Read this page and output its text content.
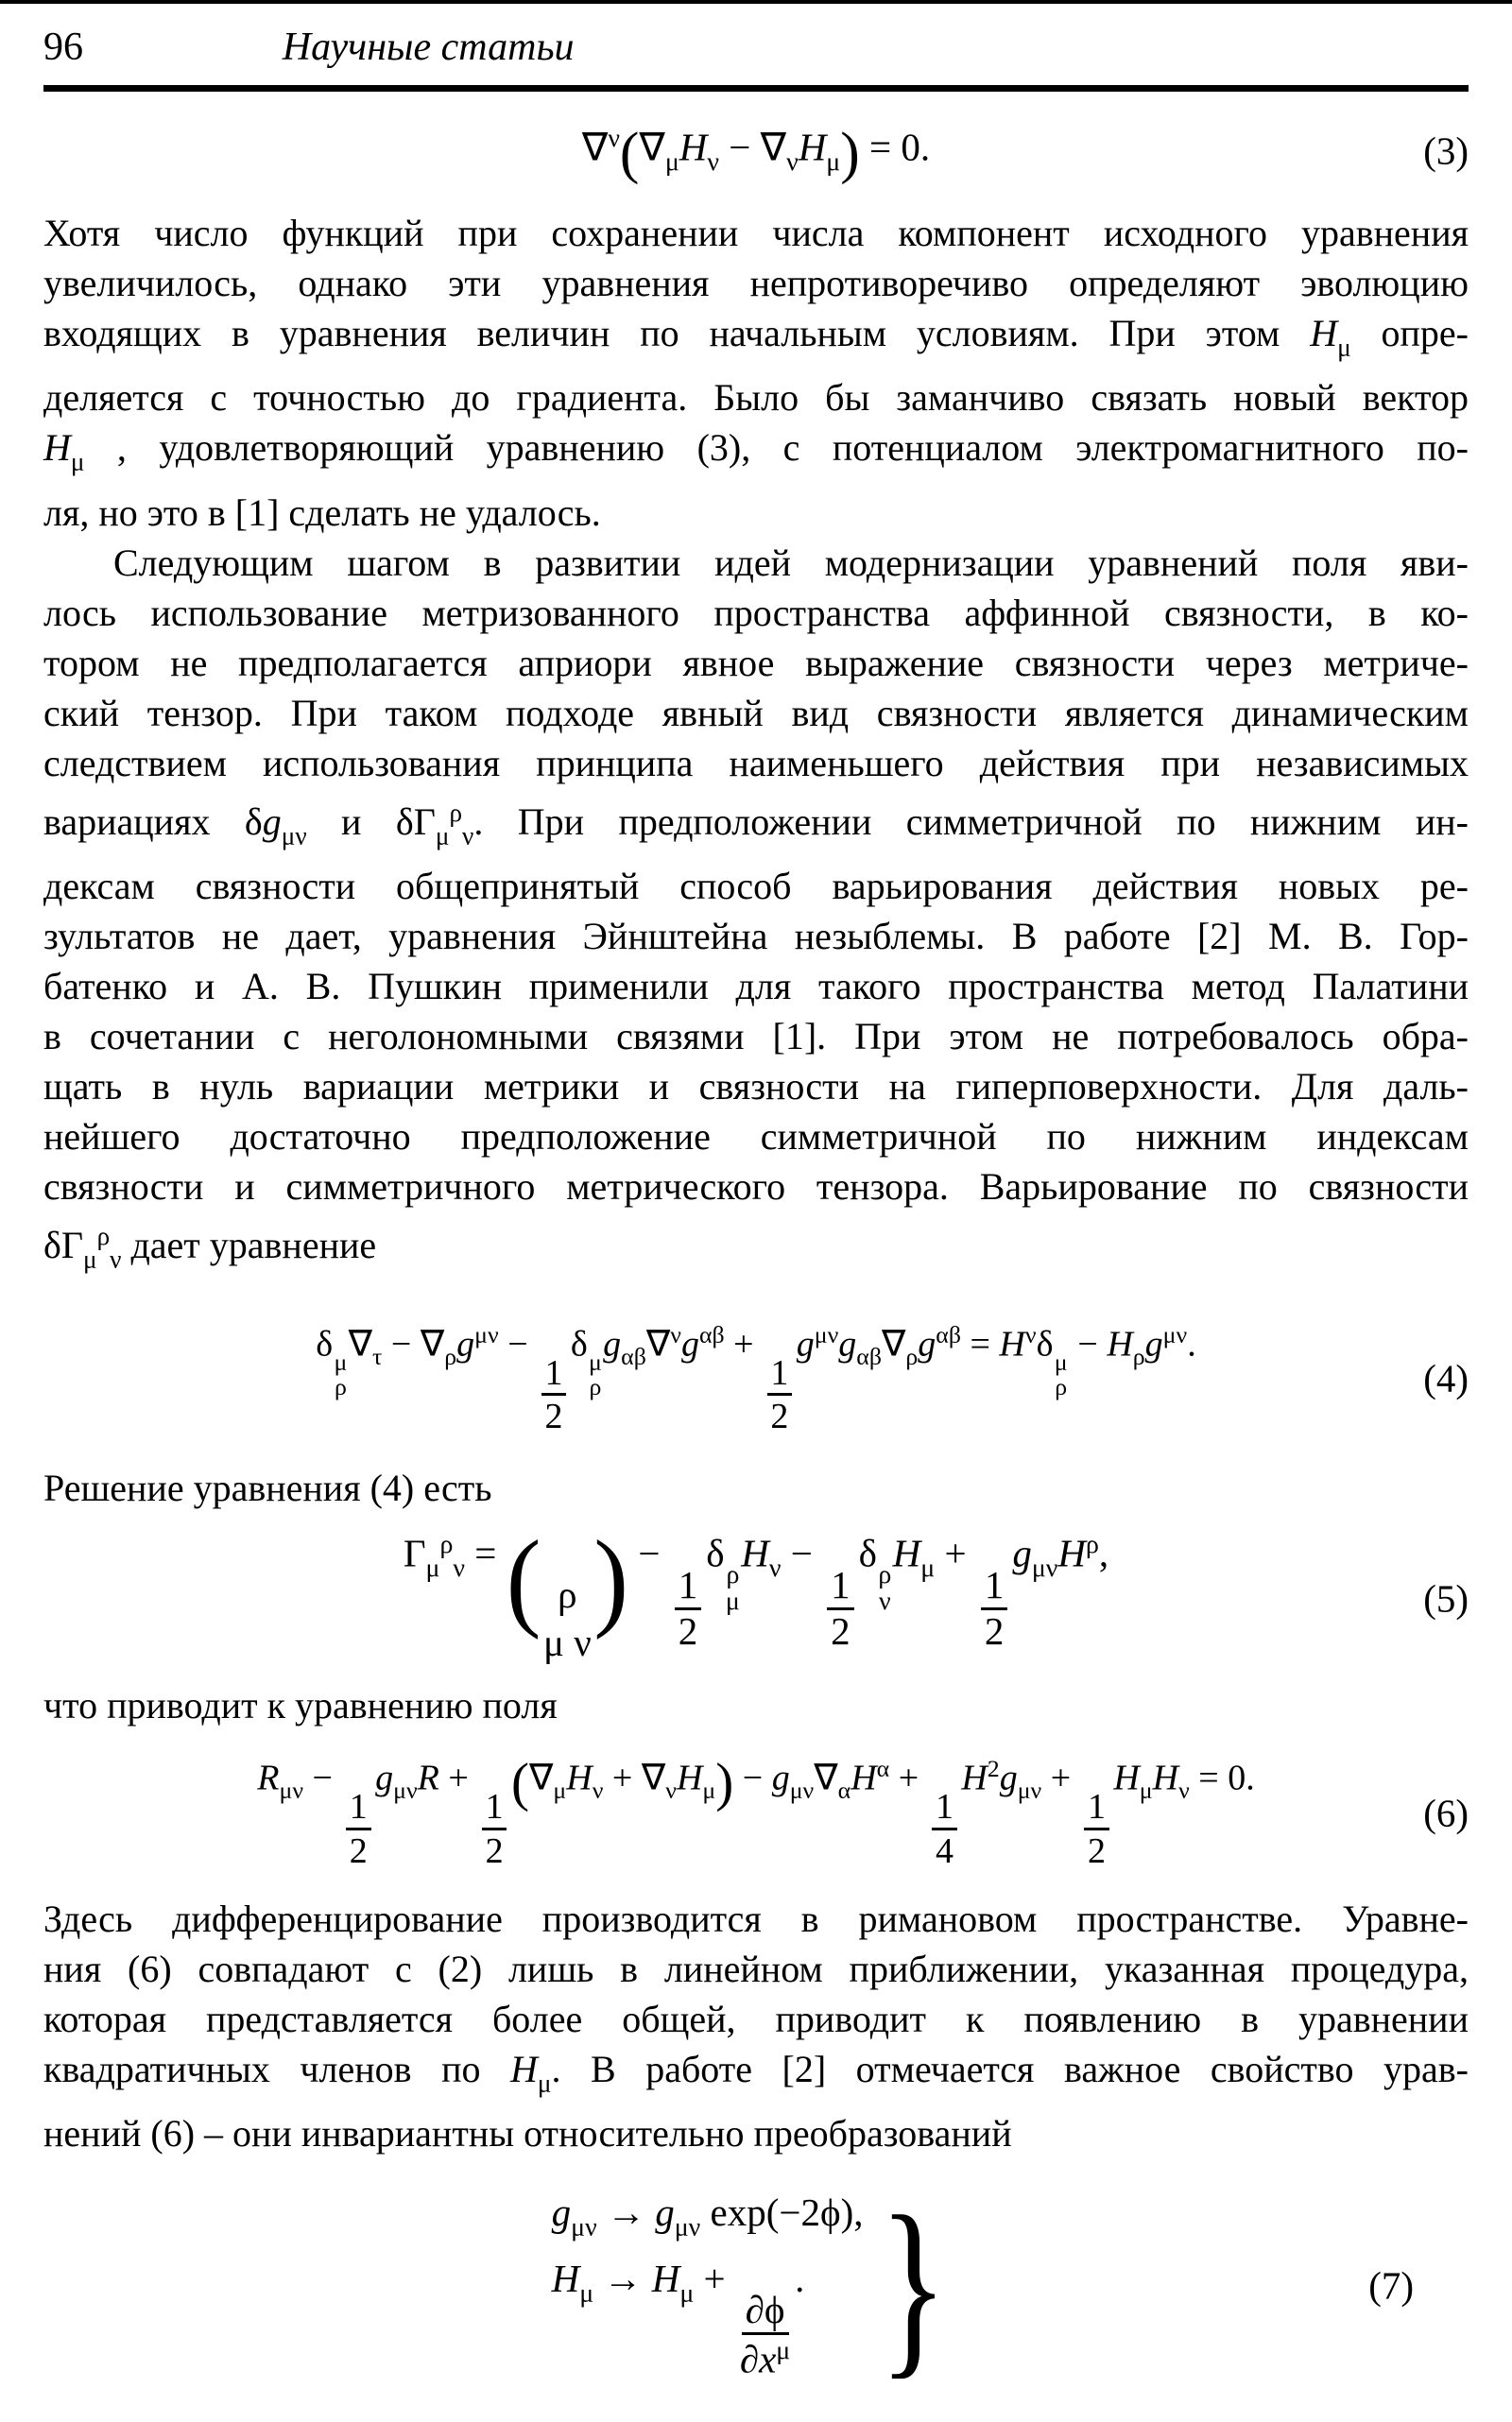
96	Научные статьи
$\nabla^\nu(\nabla_\mu H_\nu - \nabla_\nu H_\mu) = 0$.	(3)
Хотя число функций при сохранении числа компонент исходного уравнения
увеличилось, однако эти уравнения непротиворечиво определяют эволюцию
входящих в уравнения величин по начальным условиям. При этом $H_\mu$ опре-
деляется с точностью до градиента. Было бы заманчиво связать новый вектор
$H_\mu$ , удовлетворяющий уравнению (3), с потенциалом электромагнитного по-
ля, но это в [1] сделать не удалось.
Следующим шагом в развитии идей модернизации уравнений поля яви-
лось использование метризованного пространства аффинной связности, в ко-
тором не предполагается априори явное выражение связности через метриче-
ский тензор. При таком подходе явный вид связности является динамическим
следствием использования принципа наименьшего действия при независимых
вариациях $\delta g_{\mu\nu}$ и $\delta\Gamma_\mu^\rho_\nu$. При предположении симметричной по нижним ин-
дексам связности общепринятый способ варьирования действия новых ре-
зультатов не дает, уравнения Эйнштейна незыблемы. В работе [2] М. В. Гор-
батенко и А. В. Пушкин применили для такого пространства метод Палатини
в сочетании с неголономными связями [1]. При этом не потребовалось обра-
щать в нуль вариации метрики и связности на гиперповерхности. Для даль-
нейшего достаточно предположение симметричной по нижним индексам
связности и симметричного метрического тензора. Варьирование по связности
$\delta\Gamma_\mu^\rho_\nu$ дает уравнение
δ μ
ρ
$\nabla_\tau - \nabla_\rho g^{\mu\nu}$ −
$\frac{1}{2}$
δ μ
ρ
$g_{\alpha\beta}\nabla^\nu g^{\alpha\beta}$ +
$\frac{1}{2}$
$g^{\mu\nu}g_{\alpha\beta}\nabla_\rho g^{\alpha\beta} = H^\nu\delta$ μ
ρ
− $H_\rho g^{\mu\nu}$.
(4)
Решение уравнения (4) есть
$\Gamma_\mu^\rho_\nu$ = ( ρ
μ ν
) −
$\frac{1}{2}$
δ ρ
μ
$H_\nu$ −
$\frac{1}{2}$
δ ρ
ν
$H_\mu$ +
$\frac{1}{2}$
$g_{\mu\nu}H^\rho$,
(5)
что приводит к уравнению поля
$R_{\mu\nu}$ −
$\frac{1}{2}$
$g_{\mu\nu}R$ +
$\frac{1}{2}$
$(\nabla_\mu H_\nu + \nabla_\nu H_\mu) - g_{\mu\nu}\nabla_\alpha H^\alpha$ +
$\frac{1}{4}$
$H^2g_{\mu\nu}$ +
$\frac{1}{2}$
$H_\mu H_\nu = 0$.
(6)
Здесь дифференцирование производится в римановом пространстве. Уравне-
ния (6) совпадают с (2) лишь в линейном приближении, указанная процедура,
которая представляется более общей, приводит к появлению в уравнении
квадратичных членов по $H_\mu$. В работе [2] отмечается важное свойство урав-
нений (6) – они инвариантны относительно преобразований
$g_{\mu\nu} \to g_{\mu\nu}$ exp(−2ϕ),
$H_\mu \to H_\mu$ +
$\frac{\partial\phi}{\partial x^\mu}$
. }	(7)
